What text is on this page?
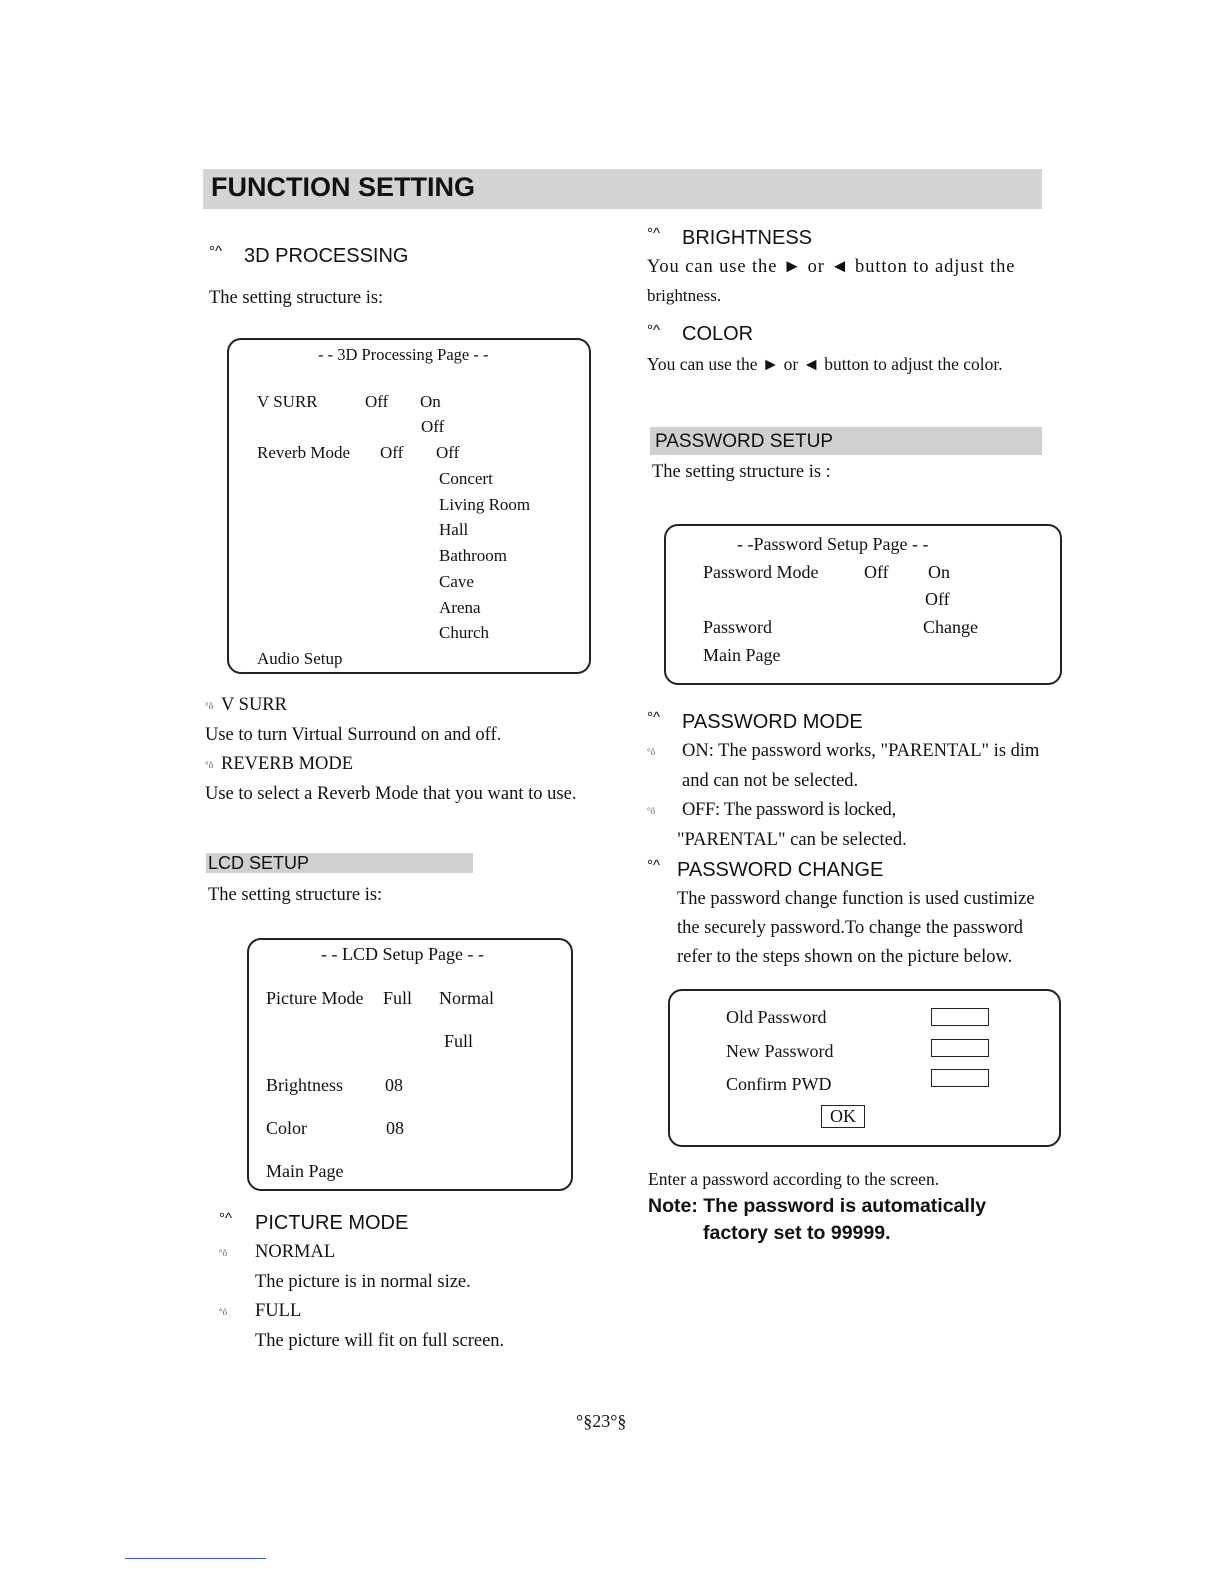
FUNCTION SETTING
°^ 3D PROCESSING
The setting structure is:
- - 3D Processing Page - -
V SURR	Off On
Off
Reverb Mode Off Off
Concert
Living Room
Hall
Bathroom
Cave
Arena
Church
Audio Setup
°ô V SURR
Use to turn Virtual Surround on and off.
°ô REVERB MODE
Use to select a Reverb Mode that you want to use.
LCD SETUP
The setting structure is:
- - LCD Setup Page - -
Picture Mode Full Normal
Full
Brightness 08
Color	08
Main Page
°^ PICTURE MODE
°ô NORMAL
The picture is in normal size.
°ô FULL
The picture will fit on full screen.
°^ BRIGHTNESS
You can use the ► or ◄ button to adjust the
brightness.
°^ COLOR
You can use the ► or ◄ button to adjust the color.
PASSWORD SETUP
The setting structure is :
- -Password Setup Page - -
Password Mode	Off On
Off
Password	Change
Main Page
°^ PASSWORD MODE
°ô ON: The password works, "PARENTAL" is dim
and can not be selected.
°ô OFF: The password is locked,
"PARENTAL" can be selected.
°^ PASSWORD CHANGE
The password change function is used custimize
the securely password.To change the password
refer to the steps shown on the picture below.
Old Password
New Password
Confirm PWD
OK
Enter a password according to the screen.
Note: The password is automatically
factory set to 99999.
°§23°§
